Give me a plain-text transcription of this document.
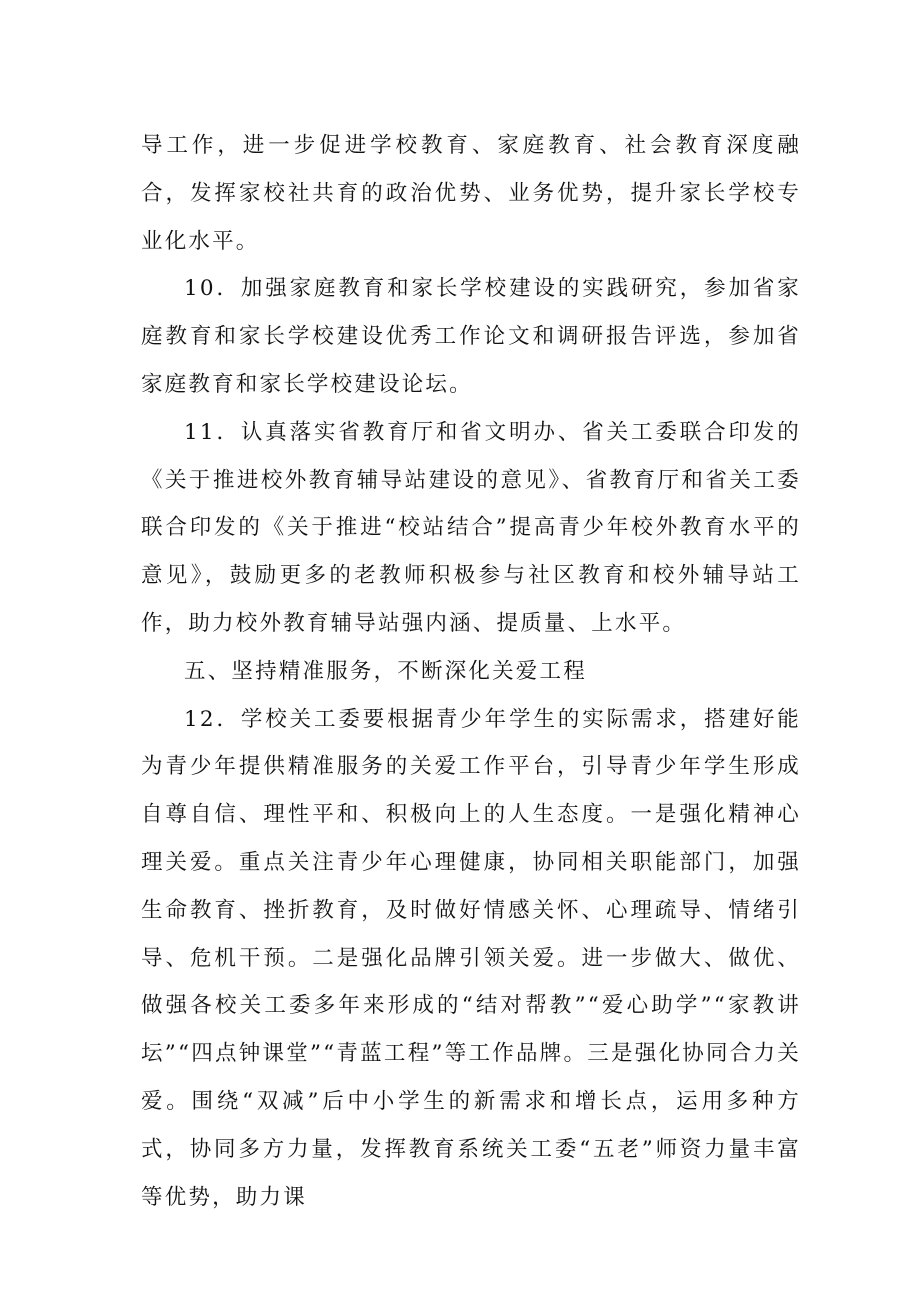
导工作，进一步促进学校教育、家庭教育、社会教育深度融合，发挥家校社共育的政治优势、业务优势，提升家长学校专业化水平。

10．加强家庭教育和家长学校建设的实践研究，参加省家庭教育和家长学校建设优秀工作论文和调研报告评选，参加省家庭教育和家长学校建设论坛。

11．认真落实省教育厅和省文明办、省关工委联合印发的《关于推进校外教育辅导站建设的意见》、省教育厅和省关工委联合印发的《关于推进“校站结合”提高青少年校外教育水平的意见》，鼓励更多的老教师积极参与社区教育和校外辅导站工作，助力校外教育辅导站强内涵、提质量、上水平。

五、坚持精准服务，不断深化关爱工程

12．学校关工委要根据青少年学生的实际需求，搭建好能为青少年提供精准服务的关爱工作平台，引导青少年学生形成自尊自信、理性平和、积极向上的人生态度。一是强化精神心理关爱。重点关注青少年心理健康，协同相关职能部门，加强生命教育、挫折教育，及时做好情感关怀、心理疏导、情绪引导、危机干预。二是强化品牌引领关爱。进一步做大、做优、做强各校关工委多年来形成的“结对帮教”“爱心助学”“家教讲坛”“四点钟课堂”“青蓝工程”等工作品牌。三是强化协同合力关爱。围绕“双减”后中小学生的新需求和增长点，运用多种方式，协同多方力量，发挥教育系统关工委“五老”师资力量丰富等优势，助力课
